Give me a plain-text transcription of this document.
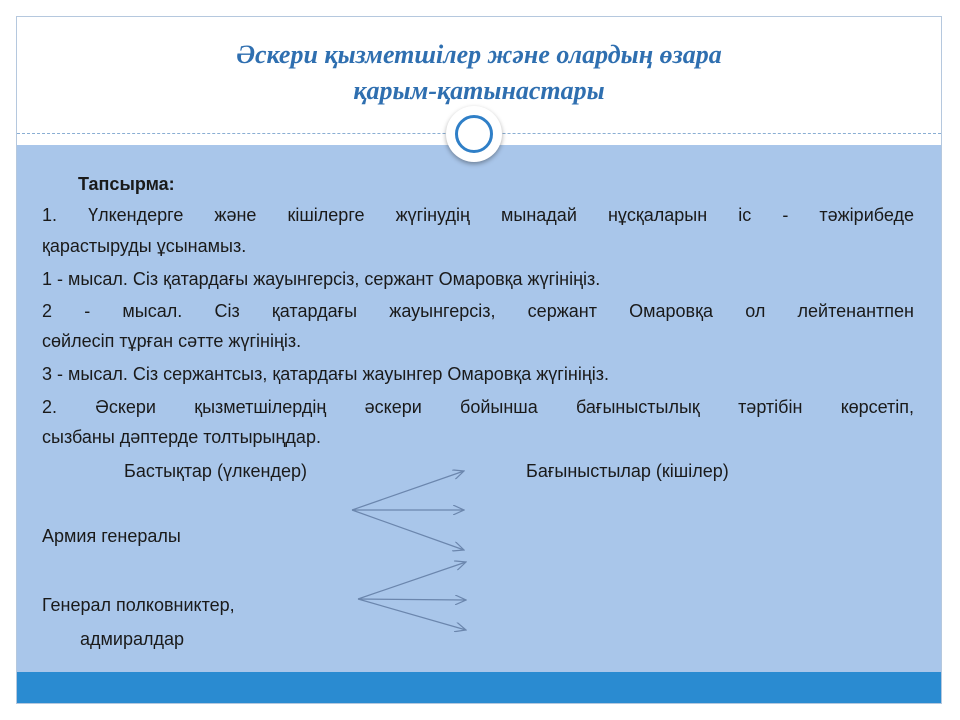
Әскери қызметшілер және олардың өзара
қарым-қатынастары
Тапсырма:
1. Үлкендерге және кішілерге жүгінудің мынадай нұсқаларын іс - тәжірибеде
қарастыруды ұсынамыз.
1 - мысал. Сіз қатардағы жауынгерсіз, сержант Омаровқа жүгініңіз.
2 - мысал. Сіз қатардағы жауынгерсіз, сержант Омаровқа ол лейтенантпен
сөйлесіп тұрған сәтте жүгініңіз.
3 - мысал. Сіз сержантсыз, қатардағы жауынгер Омаровқа жүгініңіз.
2. Әскери қызметшілердің әскери бойынша бағыныстылық тәртібін көрсетіп,
сызбаны дәптерде толтырыңдар.
Бастықтар (үлкендер)	Бағыныстылар (кішілер)
Армия генералы
Генерал полковниктер,
адмиралдар
